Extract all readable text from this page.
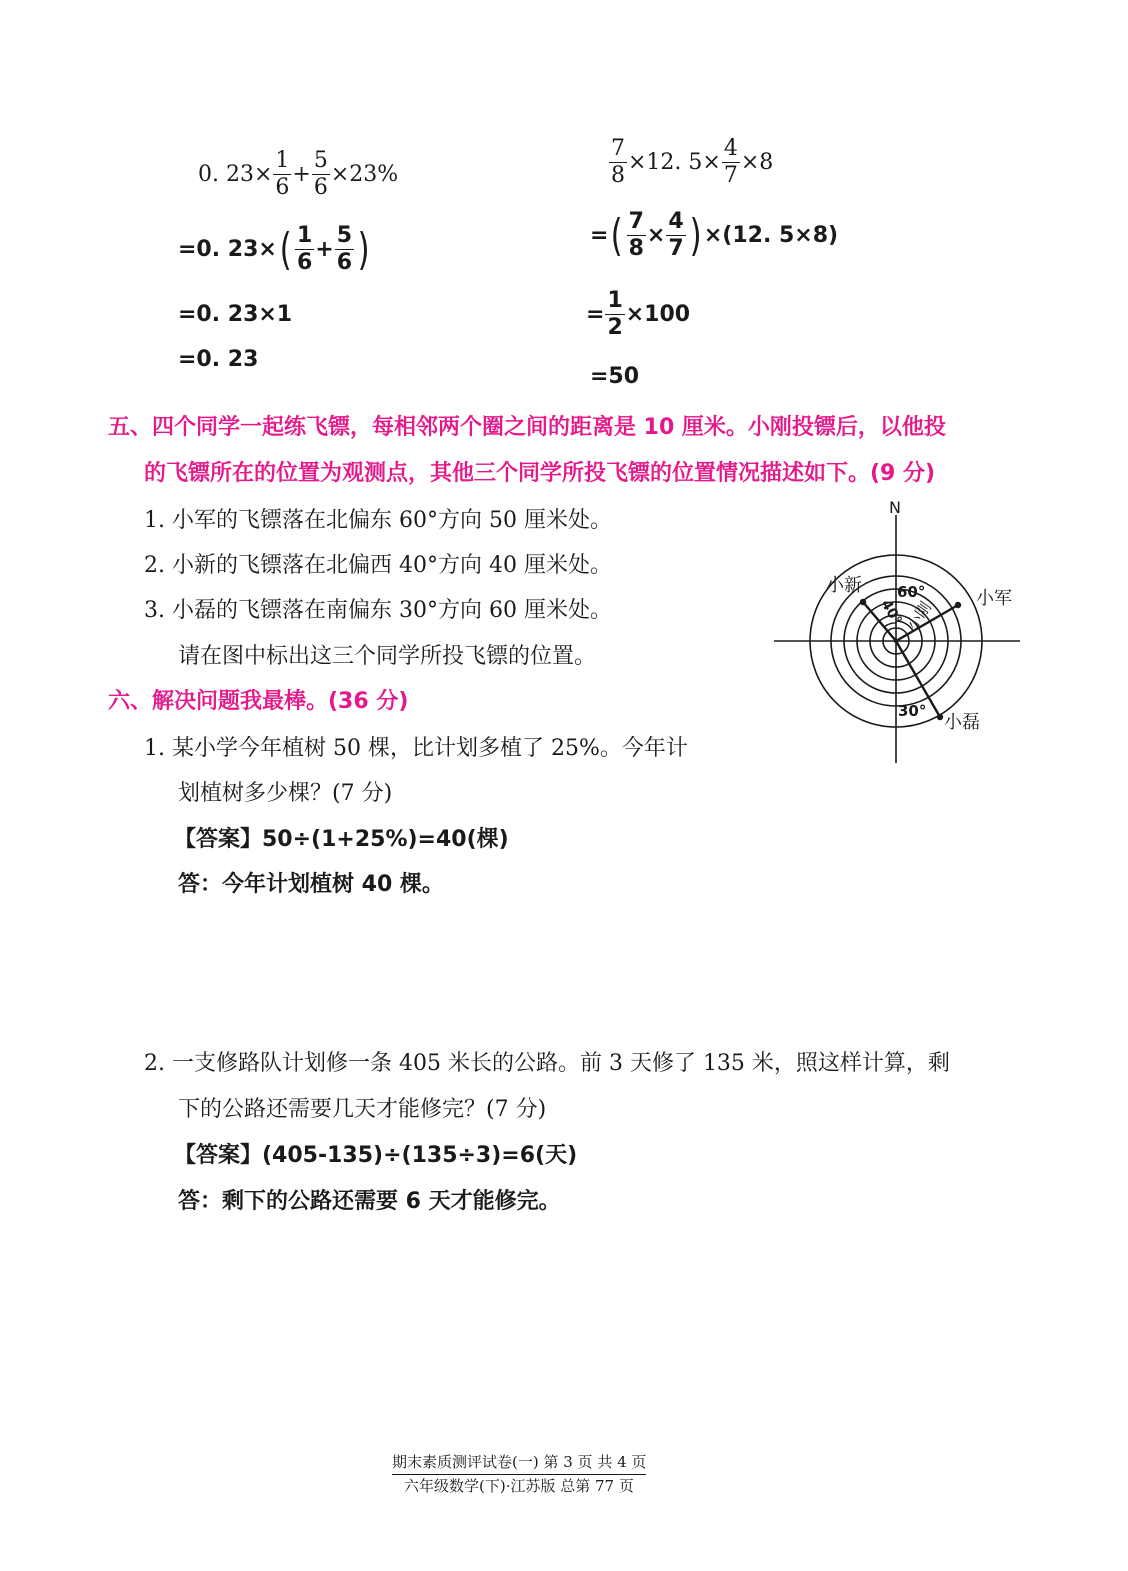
0. $23\times \frac{1}{6} + \frac{5}{6} \times 23\%$
=0. 23× ( $\frac{1}{6} + \frac{5}{6}$ )
=0. 23×1
=0. 23
$\frac{7}{8} \times 12$. $5\times \frac{4}{7} \times 8$
= ( $\frac{7}{8} \times \frac{4}{7}$ ) ×(12. 5×8)
= $\frac{1}{2} \times 100$
=50
五、四个同学一起练飞镖，每相邻两个圈之间的距离是 10 厘米。小刚投镖后，以他投
的飞镖所在的位置为观测点，其他三个同学所投飞镖的位置情况描述如下。(9 分)
1. 小军的飞镖落在北偏东 60°方向 50 厘米处。
2. 小新的飞镖落在北偏西 40°方向 40 厘米处。
3. 小磊的飞镖落在南偏东 30°方向 60 厘米处。
请在图中标出这三个同学所投飞镖的位置。
N
小新
小军
小磊
60°
40°
30°
小刚
六、解决问题我最棒。(36 分)
1. 某小学今年植树 50 棵，比计划多植了 25%。今年计
划植树多少棵？(7 分)
【答案】50÷(1+25%)=40(棵)
答：今年计划植树 40 棵。
2. 一支修路队计划修一条 405 米长的公路。前 3 天修了 135 米，照这样计算，剩
下的公路还需要几天才能修完？(7 分)
【答案】(405-135)÷(135÷3)=6(天)
答：剩下的公路还需要 6 天才能修完。
期末素质测评试卷(一) 第 3 页 共 4 页
六年级数学(下)·江苏版 总第 77 页
